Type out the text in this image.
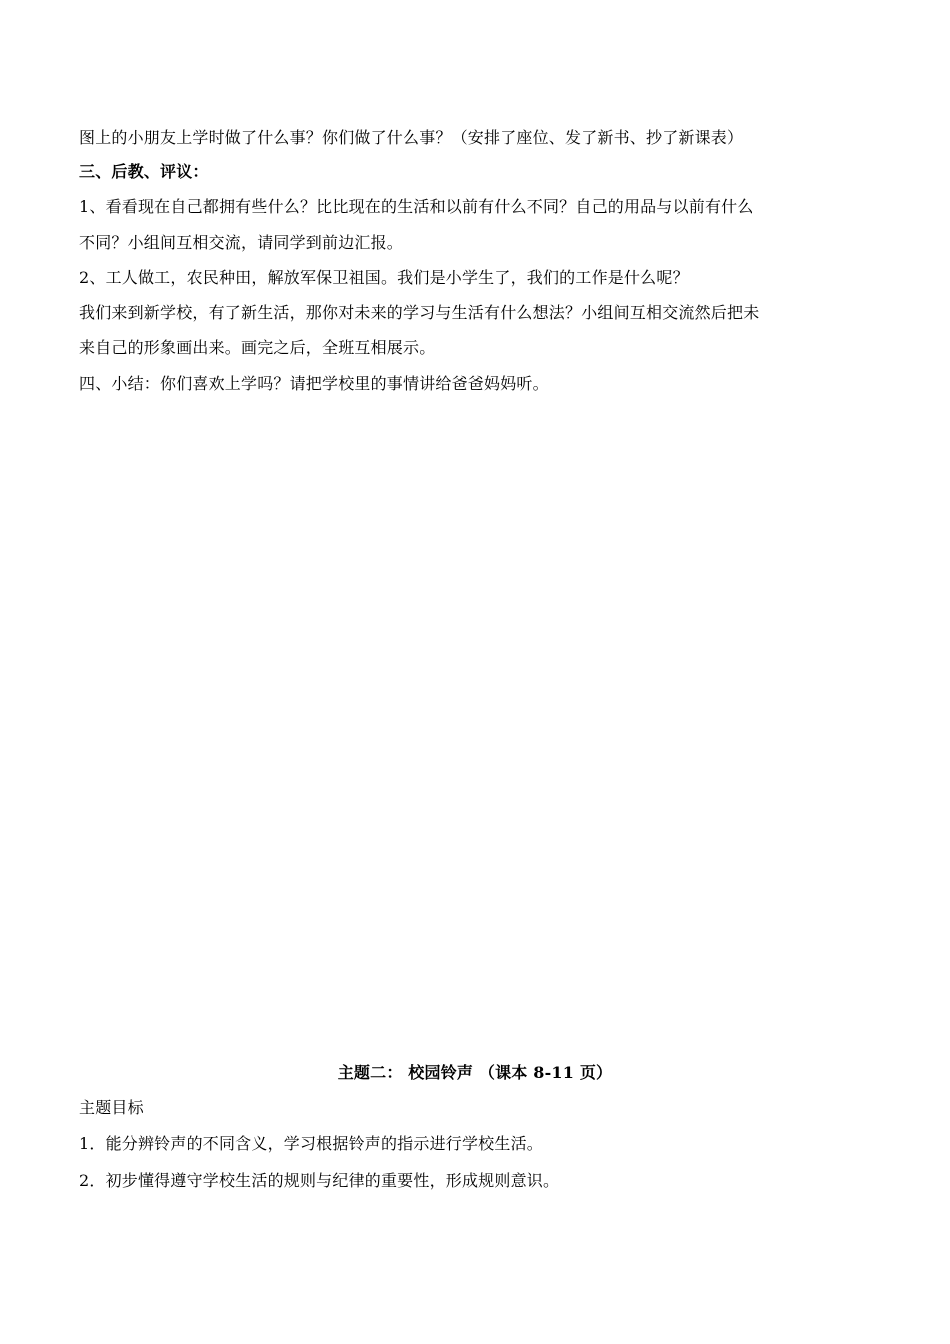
图上的小朋友上学时做了什么事？你们做了什么事？（安排了座位、发了新书、抄了新课表）
三、后教、评议：
1、看看现在自己都拥有些什么？比比现在的生活和以前有什么不同？自己的用品与以前有什么
不同？小组间互相交流，请同学到前边汇报。
2、工人做工，农民种田，解放军保卫祖国。我们是小学生了，我们的工作是什么呢？
我们来到新学校，有了新生活，那你对未来的学习与生活有什么想法？小组间互相交流然后把未
来自己的形象画出来。画完之后，全班互相展示。
四、小结：你们喜欢上学吗？请把学校里的事情讲给爸爸妈妈听。
主题二： 校园铃声 （课本 8-11 页）
主题目标
1．能分辨铃声的不同含义，学习根据铃声的指示进行学校生活。
2．初步懂得遵守学校生活的规则与纪律的重要性，形成规则意识。
